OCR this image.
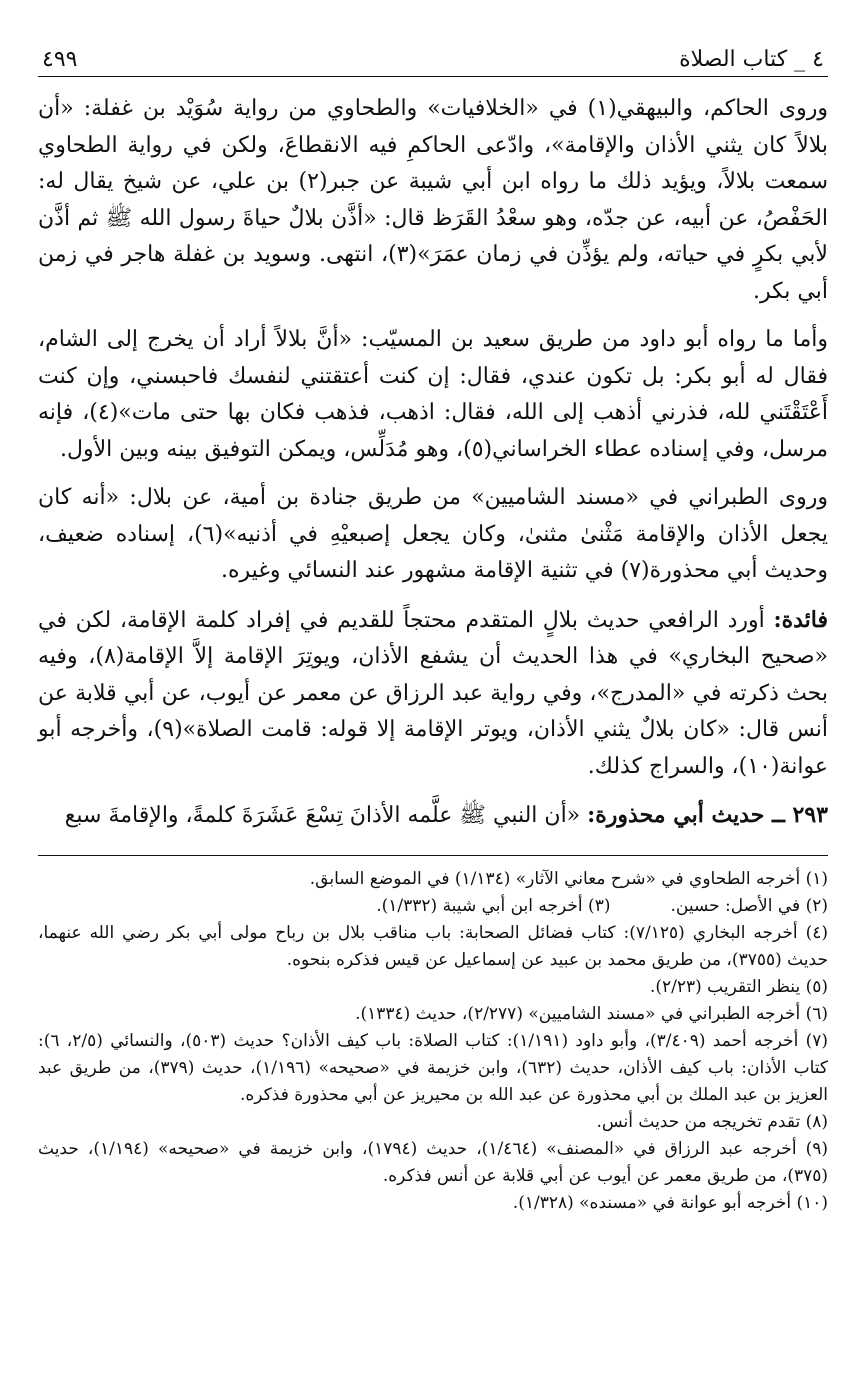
٤ _ كتاب الصلاة
٤٩٩

وروى الحاكم، والبيهقي(١) في «الخلافيات» والطحاوي من رواية سُوَيْد بن غفلة: «أن بلالاً كان يثني الأذان والإقامة»، وادّعى الحاكمِ فيه الانقطاعَ، ولكن في رواية الطحاوي سمعت بلالاً، ويؤيد ذلك ما رواه ابن أبي شيبة عن جبر(٢) بن علي، عن شيخ يقال له: الحَفْصُ، عن أبيه، عن جدّه، وهو سعْدُ القَرَظ قال: «أذَّن بلالٌ حياةَ رسول الله ﷺ ثم أذَّن لأبي بكرٍ في حياته، ولم يؤذِّن في زمان عمَرَ»(٣)، انتهى. وسويد بن غفلة هاجر في زمن أبي بكر.

وأما ما رواه أبو داود من طريق سعيد بن المسيّب: «أنَّ بلالاً أراد أن يخرج إلى الشام، فقال له أبو بكر: بل تكون عندي، فقال: إن كنت أعتقتني لنفسك فاحبسني، وإن كنت أَعْتَقْتَني لله، فذرني أذهب إلى الله، فقال: اذهب، فذهب فكان بها حتى مات»(٤)، فإنه مرسل، وفي إسناده عطاء الخراساني(٥)، وهو مُدَلِّس، ويمكن التوفيق بينه وبين الأول.

وروى الطبراني في «مسند الشاميين» من طريق جنادة بن أمية، عن بلال: «أنه كان يجعل الأذان والإقامة مَثْنىٰ مثنىٰ، وكان يجعل إصبعيْهِ في أذنيه»(٦)، إسناده ضعيف، وحديث أبي محذورة(٧) في تثنية الإقامة مشهور عند النسائي وغيره.

فائدة: أورد الرافعي حديث بلالٍ المتقدم محتجاً للقديم في إفراد كلمة الإقامة، لكن في «صحيح البخاري» في هذا الحديث أن يشفع الأذان، ويوتِرَ الإقامة إلاَّ الإقامة(٨)، وفيه بحث ذكرته في «المدرج»، وفي رواية عبد الرزاق عن معمر عن أيوب، عن أبي قلابة عن أنس قال: «كان بلالٌ يثني الأذان، ويوتر الإقامة إلا قوله: قامت الصلاة»(٩)، وأخرجه أبو عوانة(١٠)، والسراج كذلك.

٢٩٣ ــ حديث أبي محذورة: «أن النبي ﷺ علَّمه الأذانَ تِسْعَ عَشَرَةَ كلمةً، والإقامةَ سبع

(١) أخرجه الطحاوي في «شرح معاني الآثار» (١/١٣٤) في الموضع السابق.

(٢) في الأصل: حسين.

(٣) أخرجه ابن أبي شيبة (١/٣٣٢).

(٤) أخرجه البخاري (٧/١٢٥): كتاب فضائل الصحابة: باب مناقب بلال بن رباح مولى أبي بكر رضي الله عنهما، حديث (٣٧٥٥)، من طريق محمد بن عبيد عن إسماعيل عن قيس فذكره بنحوه.

(٥) ينظر التقريب (٢/٢٣).

(٦) أخرجه الطبراني في «مسند الشاميين» (٢/٢٧٧)، حديث (١٣٣٤).

(٧) أخرجه أحمد (٣/٤٠٩)، وأبو داود (١/١٩١): كتاب الصلاة: باب كيف الأذان؟ حديث (٥٠٣)، والنسائي (٢/٥، ٦): كتاب الأذان: باب كيف الأذان، حديث (٦٣٢)، وابن خزيمة في «صحيحه» (١/١٩٦)، حديث (٣٧٩)، من طريق عبد العزيز بن عبد الملك بن أبي محذورة عن عبد الله بن محيريز عن أبي محذورة فذكره.

(٨) تقدم تخريجه من حديث أنس.

(٩) أخرجه عبد الرزاق في «المصنف» (١/٤٦٤)، حديث (١٧٩٤)، وابن خزيمة في «صحيحه» (١/١٩٤)، حديث (٣٧٥)، من طريق معمر عن أيوب عن أبي قلابة عن أنس فذكره.

(١٠) أخرجه أبو عوانة في «مسنده» (١/٣٢٨).
